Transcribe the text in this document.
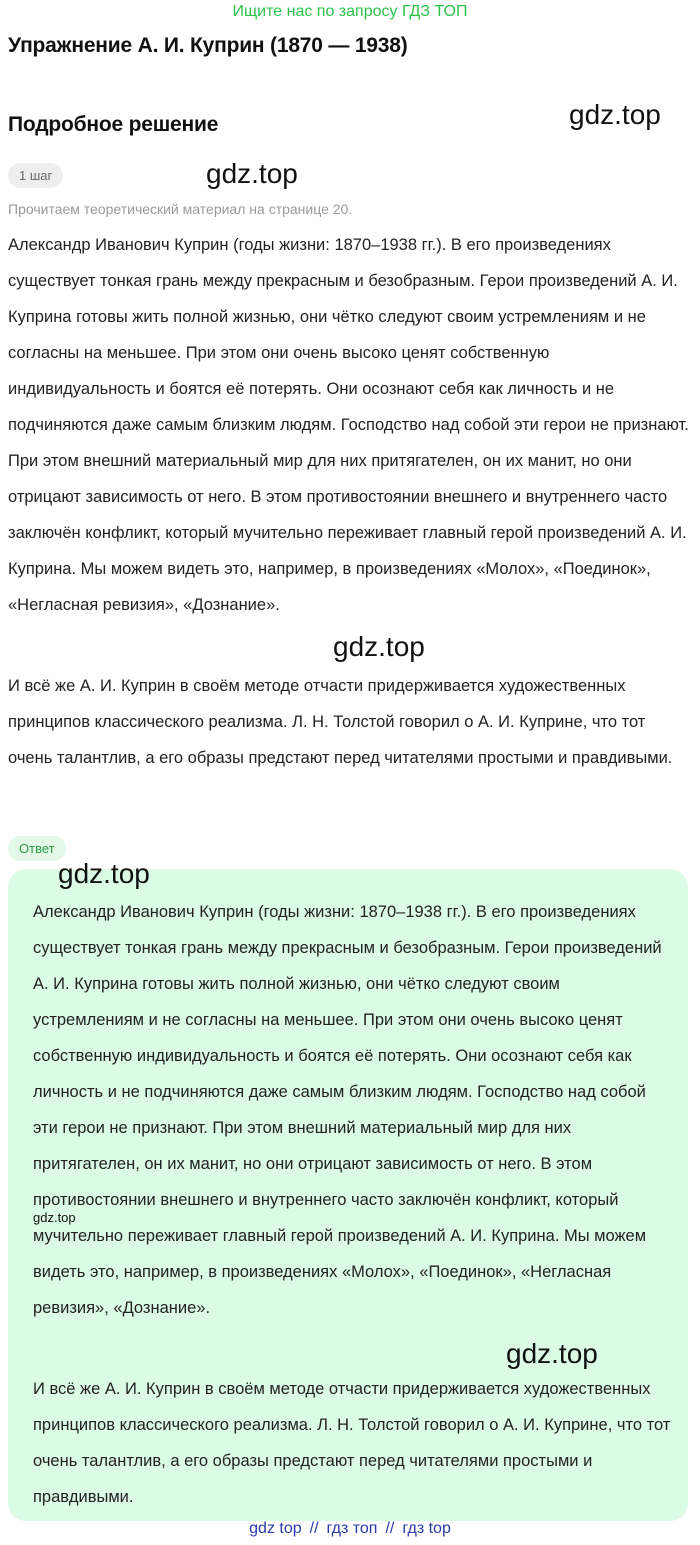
Ищите нас по запросу ГДЗ ТОП
Упражнение А. И. Куприн (1870 — 1938)
gdz.top
Подробное решение
1 шаг	gdz.top

Прочитаем теоретический материал на странице 20.

Александр Иванович Куприн (годы жизни: 1870–1938 гг.). В его произведениях существует тонкая грань между прекрасным и безобразным. Герои произведений А. И. Куприна готовы жить полной жизнью, они чётко следуют своим устремлениям и не согласны на меньшее. При этом они очень высоко ценят собственную индивидуальность и боятся её потерять. Они осознают себя как личность и не подчиняются даже самым близким людям. Господство над собой эти герои не признают. При этом внешний материальный мир для них притягателен, он их манит, но они отрицают зависимость от него. В этом противостоянии внешнего и внутреннего часто заключён конфликт, который мучительно переживает главный герой произведений А. И. Куприна. Мы можем видеть это, например, в произведениях «Молох», «Поединок», «Негласная ревизия», «Дознание».

gdz.top

И всё же А. И. Куприн в своём методе отчасти придерживается художественных принципов классического реализма. Л. Н. Толстой говорил о А. И. Куприне, что тот очень талантлив, а его образы предстают перед читателями простыми и правдивыми.

Ответ
gdz.top

Александр Иванович Куприн (годы жизни: 1870–1938 гг.). В его произведениях существует тонкая грань между прекрасным и безобразным. Герои произведений А. И. Куприна готовы жить полной жизнью, они чётко следуют своим устремлениям и не согласны на меньшее. При этом они очень высоко ценят собственную индивидуальность и боятся её потерять. Они осознают себя как личность и не подчиняются даже самым близким людям. Господство над собой эти герои не признают. При этом внешний материальный мир для них притягателен, он их манит, но они отрицают зависимость от него. В этом противостоянии внешнего и внутреннего часто заключён конфликт, который мучительно переживает главный герой произведений А. И. Куприна. Мы можем видеть это, например, в произведениях «Молох», «Поединок», «Негласная ревизия», «Дознание».

gdz.top
gdz.top

И всё же А. И. Куприн в своём методе отчасти придерживается художественных принципов классического реализма. Л. Н. Толстой говорил о А. И. Куприне, что тот очень талантлив, а его образы предстают перед читателями простыми и правдивыми.

gdz top // гдз топ // гдз top
